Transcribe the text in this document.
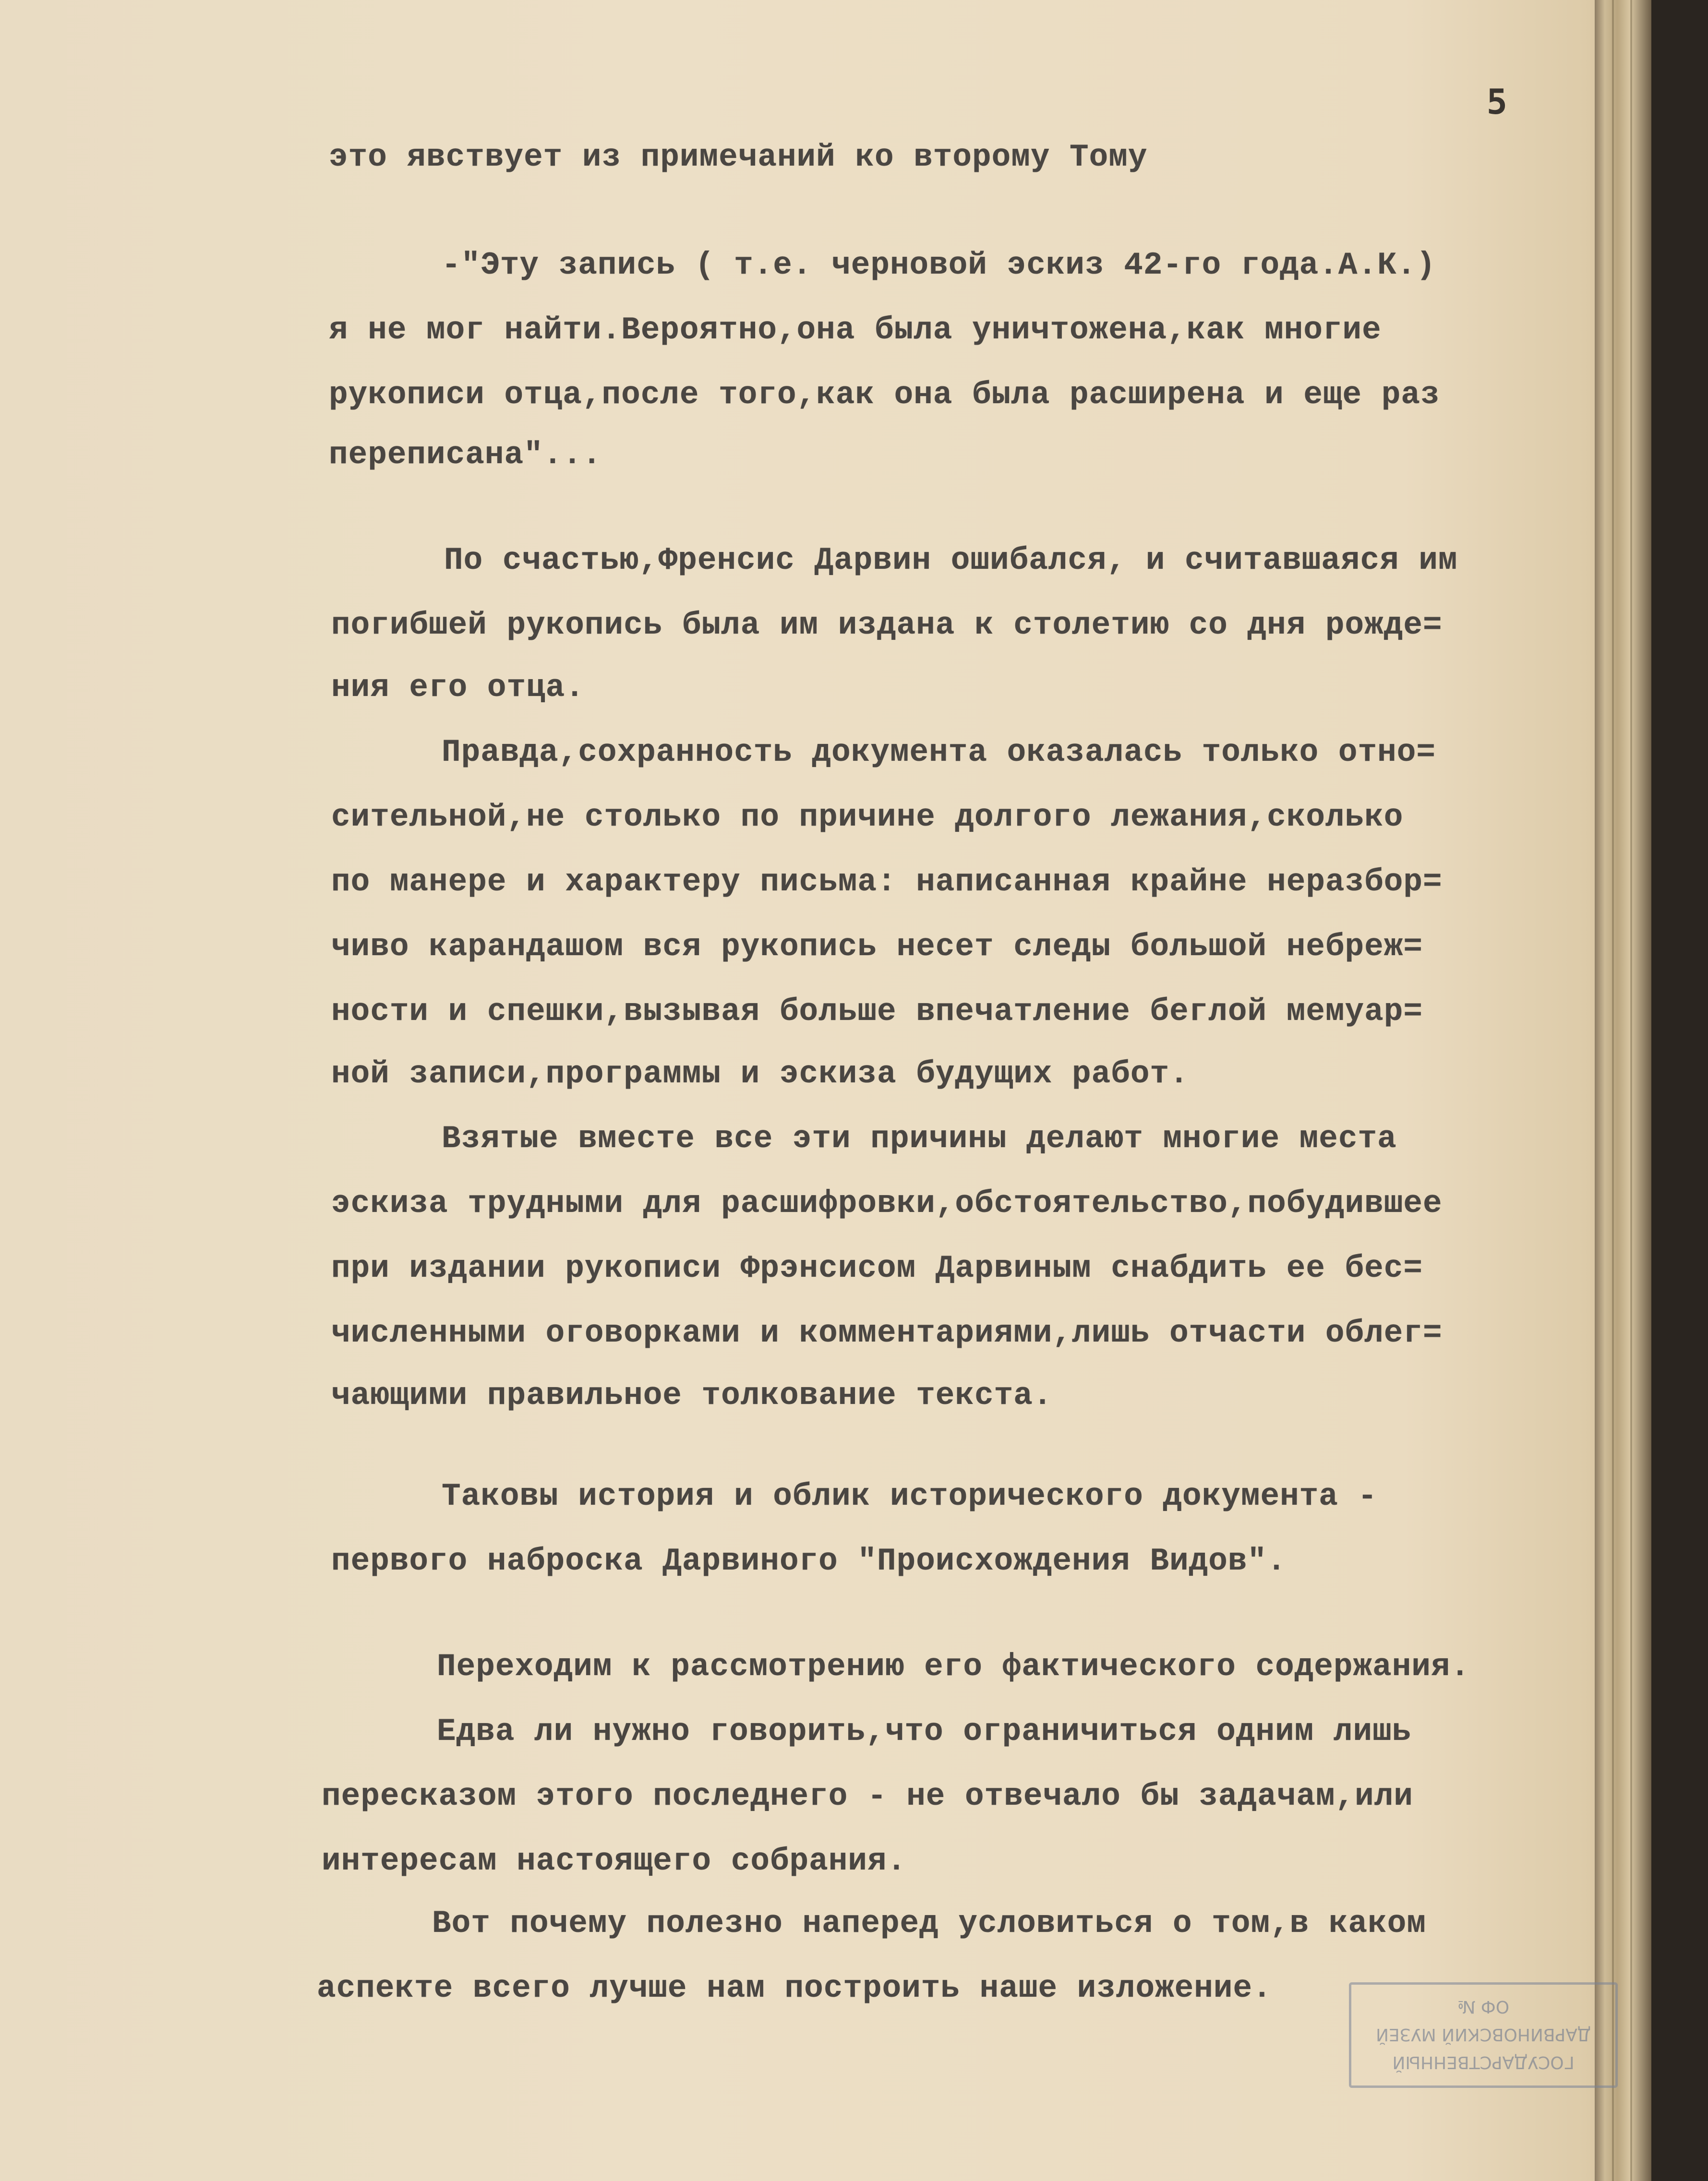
5

это явствует из примечаний ко второму Тому

-"Эту запись ( т.е. черновой эскиз 42-го года.А.К.)

я не мог найти.Вероятно,она была уничтожена,как многие

рукописи отца,после того,как она была расширена и еще раз

переписана"...

По счастью,Френсис Дарвин ошибался, и считавшаяся им

погибшей рукопись была им издана к столетию со дня рожде=

ния его отца.

Правда,сохранность документа оказалась только отно=

сительной,не столько по причине долгого лежания,сколько

по манере и характеру письма: написанная крайне неразбор=

чиво карандашом вся рукопись несет следы большой небреж=

ности и спешки,вызывая больше впечатление беглой мемуар=

ной записи,программы и эскиза будущих работ.

Взятые вместе все эти причины делают многие места

эскиза трудными для расшифровки,обстоятельство,побудившее

при издании рукописи Фрэнсисом Дарвиным снабдить ее бес=

численными оговорками и комментариями,лишь отчасти облег=

чающими правильное толкование текста.

Таковы история и облик исторического документа -

первого наброска Дарвиного "Происхождения Видов".

Переходим к рассмотрению его фактического содержания.

Едва ли нужно говорить,что ограничиться одним лишь

пересказом этого последнего - не отвечало бы задачам,или

интересам настоящего собрания.

Вот почему полезно наперед условиться о том,в каком

аспекте всего лучше нам построить наше изложение.

ГОСУДАРСТВЕННЫЙ
ДАРВИНОВСКИЙ МУЗЕЙ
ОФ №
